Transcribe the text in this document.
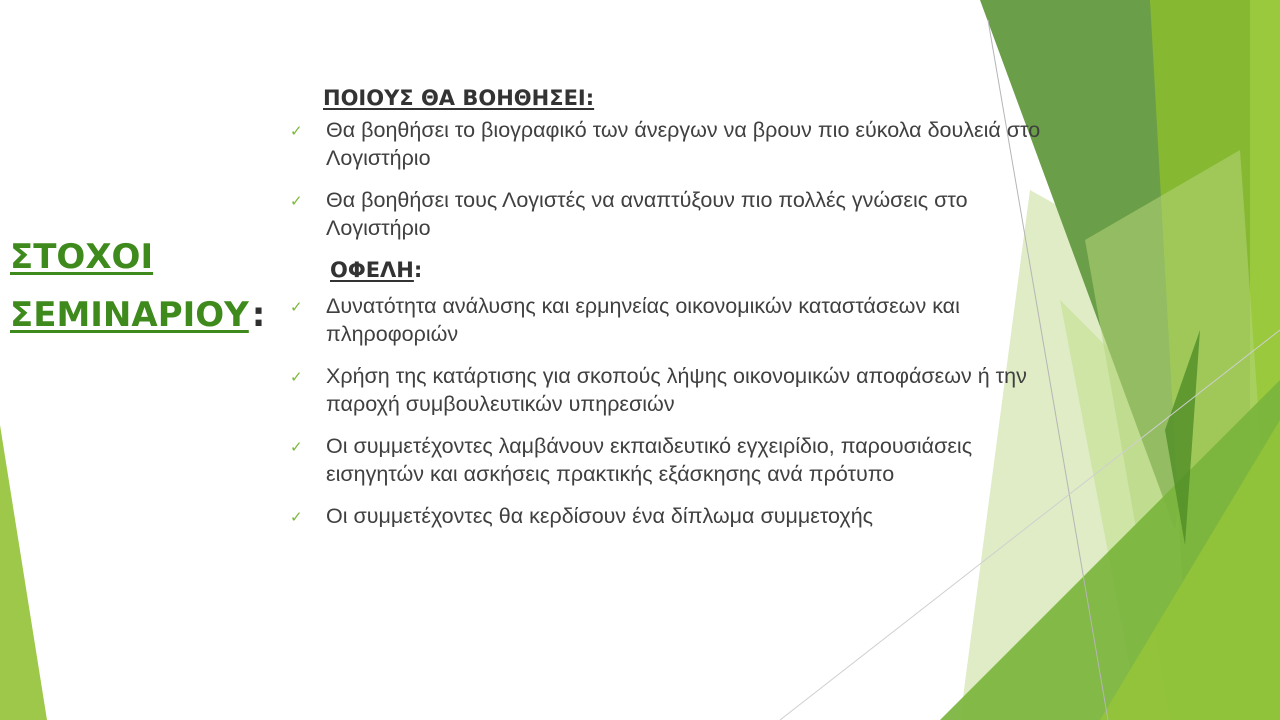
ΣΤΟΧΟΙ
ΣΕΜΙΝΑΡΙΟΥ:
ΠΟΙΟΥΣ ΘΑ ΒΟΗΘΗΣΕΙ:
✓ Θα βοηθήσει το βιογραφικό των άνεργων να βρουν πιο εύκολα δουλειά στο Λογιστήριο
✓ Θα βοηθήσει τους Λογιστές να αναπτύξουν πιο πολλές γνώσεις στο Λογιστήριο
ΟΦΕΛΗ:
✓ Δυνατότητα ανάλυσης και ερμηνείας οικονομικών καταστάσεων και πληροφοριών
✓ Χρήση της κατάρτισης για σκοπούς λήψης οικονομικών αποφάσεων ή την παροχή συμβουλευτικών υπηρεσιών
✓ Οι συμμετέχοντες λαμβάνουν εκπαιδευτικό εγχειρίδιο, παρουσιάσεις εισηγητών και ασκήσεις πρακτικής εξάσκησης ανά πρότυπο
✓ Οι συμμετέχοντες θα κερδίσουν ένα δίπλωμα συμμετοχής
